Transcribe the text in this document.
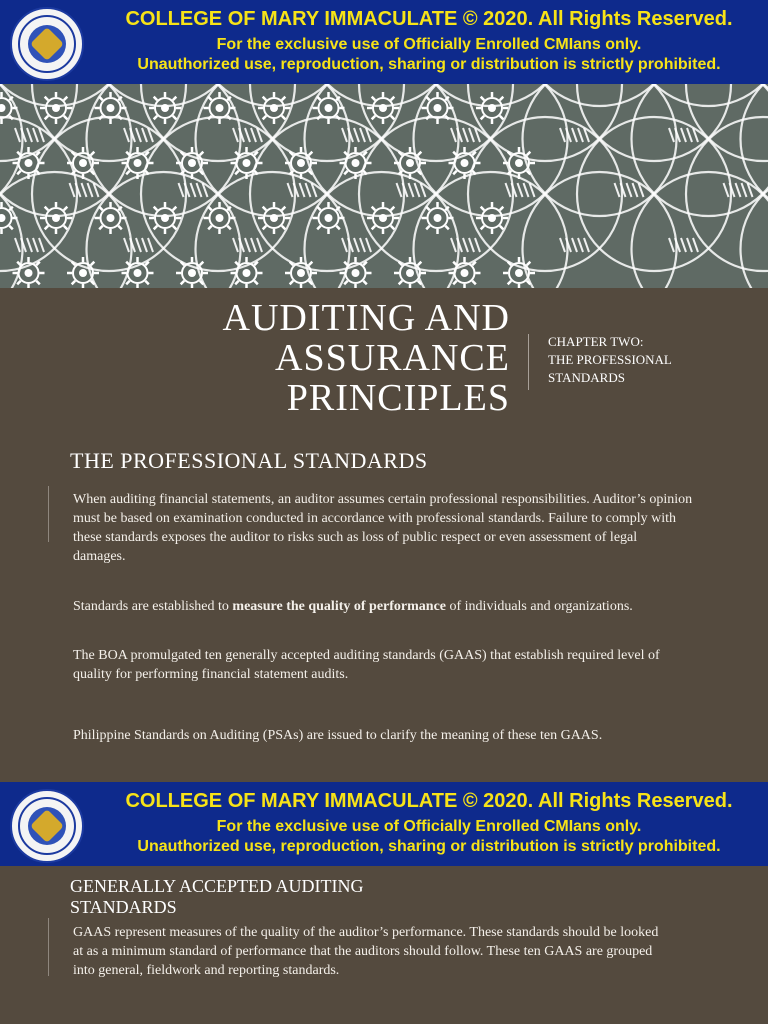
COLLEGE OF MARY IMMACULATE © 2020. All Rights Reserved.
For the exclusive use of Officially Enrolled CMIans only.
Unauthorized use, reproduction, sharing or distribution is strictly prohibited.
AUDITING AND
ASSURANCE
PRINCIPLES
CHAPTER TWO:
THE PROFESSIONAL
STANDARDS
THE PROFESSIONAL STANDARDS
When auditing financial statements, an auditor assumes certain professional responsibilities. Auditor’s opinion must be based on examination conducted in accordance with professional standards. Failure to comply with these standards exposes the auditor to risks such as loss of public respect or even assessment of legal damages.
Standards are established to measure the quality of performance of individuals and organizations.
The BOA promulgated ten generally accepted auditing standards (GAAS) that establish required level of quality for performing financial statement audits.
Philippine Standards on Auditing (PSAs) are issued to clarify the meaning of these ten GAAS.
COLLEGE OF MARY IMMACULATE © 2020. All Rights Reserved.
For the exclusive use of Officially Enrolled CMIans only.
Unauthorized use, reproduction, sharing or distribution is strictly prohibited.
GENERALLY ACCEPTED AUDITING
STANDARDS
GAAS represent measures of the quality of the auditor’s performance. These standards should be looked at as a minimum standard of performance that the auditors should follow. These ten GAAS are grouped into general, fieldwork and reporting standards.
